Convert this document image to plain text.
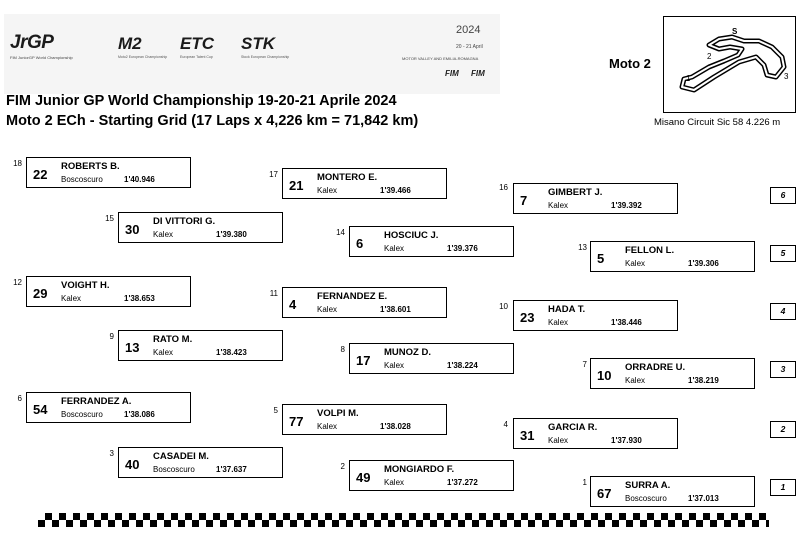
JrGP
FIM JuniorGP World Championship
M2
Moto2 European Championship
ETC
European Talent Cup
STK
Stock European Championship
2024
20 - 21 April
MOTOR VALLEY AND EMILIA-ROMAGNA
FIM FIM
FIM Junior GP World Championship 19-20-21 Aprile 2024
Moto 2 ECh - Starting Grid (17 Laps x 4,226 km = 71,842 km)
Moto 2
1
2
3
S
Misano Circuit Sic 58 4.226 m
18
22
ROBERTS B.
Boscoscuro	1'40.946
17
21
MONTERO E.
Kalex	1'39.466	16
7
GIMBERT J.
Kalex	1'39.392
15
30
DI VITTORI G.
Kalex	1'39.380	14
6
HOSCIUC J.
Kalex	1'39.376	13
5
FELLON L.
Kalex	1'39.306
12
29
VOIGHT H.
Kalex	1'38.653
11
4
FERNANDEZ E.
Kalex	1'38.601	10
23
HADA T.
Kalex	1'38.446
9
13
RATO M.
Kalex	1'38.423	8
17
MUNOZ D.
Kalex	1'38.224	7
10
ORRADRE U.
Kalex	1'38.219
6
54
FERRANDEZ A.
Boscoscuro	1'38.086	5
77
VOLPI M.
Kalex	1'38.028	4
31
GARCIA R.
Kalex	1'37.930
3
40
CASADEI M.
Boscoscuro	1'37.637	2
49
MONGIARDO F.
Kalex	1'37.272	1
67
SURRA A.
Boscoscuro	1'37.013
6
5
4
3
2
1
